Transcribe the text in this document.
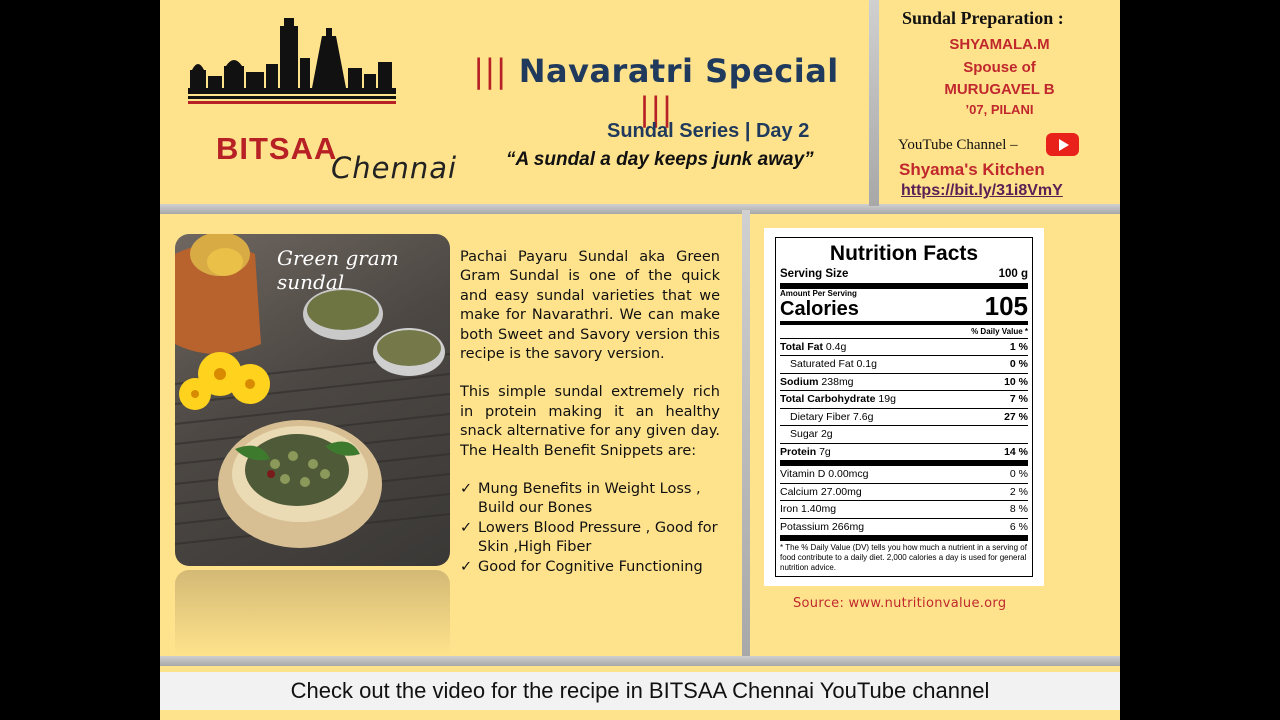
BITSAA
Chennai
||| Navaratri Special |||
Sundal Series | Day 2
“A sundal a day keeps junk away”
Sundal Preparation :
SHYAMALA.M
Spouse of
MURUGAVEL B
’07, PILANI
YouTube Channel –
Shyama's Kitchen
https://bit.ly/31i8VmY
Green gram sundal

Pachai Payaru Sundal aka Green Gram Sundal is one of the quick and easy sundal varieties that we make for Navarathri. We can make both Sweet and Savory version this recipe is the savory version.

This simple sundal extremely rich in protein making it an healthy snack alternative for any given day. The Health Benefit Snippets are:

✓ Mung Benefits in Weight Loss , Build our Bones
✓ Lowers Blood Pressure , Good for Skin ,High Fiber
✓ Good for Cognitive Functioning
Nutrition Facts
Serving Size	100 g
Amount Per Serving
Calories	105
% Daily Value *
Total Fat 0.4g	1 %
Saturated Fat 0.1g	0 %
Sodium 238mg	10 %
Total Carbohydrate 19g	7 %
Dietary Fiber 7.6g	27 %
Sugar 2g
Protein 7g	14 %
Vitamin D 0.00mcg	0 %
Calcium 27.00mg	2 %
Iron 1.40mg	8 %
Potassium 266mg	6 %
* The % Daily Value (DV) tells you how much a nutrient in a serving of food contribute to a daily diet. 2,000 calories a day is used for general nutrition advice.
Source: www.nutritionvalue.org
Check out the video for the recipe in BITSAA Chennai YouTube channel
